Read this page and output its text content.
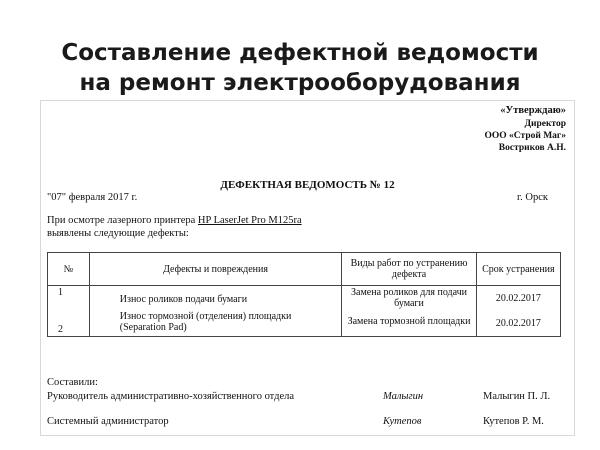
Составление дефектной ведомости
на ремонт электрооборудования
«Утверждаю»
Директор
ООО «Строй Маг»
Востриков А.Н.
ДЕФЕКТНАЯ ВЕДОМОСТЬ № 12
"07" февраля 2017 г.	г. Орск
При осмотре лазерного принтера HP LaserJet Pro M125rа
выявлены следующие дефекты:
№	Дефекты и повреждения	Виды работ по устранению дефекта	Срок устранения
1	Износ роликов подачи бумаги	Замена роликов для подачи бумаги	20.02.2017
2	Износ тормозной (отделения) площадки (Separation Pad)	Замена тормозной площадки	20.02.2017
Составили:
Руководитель административно-хозяйственного отдела	Малыгин	Малыгин П. Л.
Системный администратор	Кутепов	Кутепов Р. М.
